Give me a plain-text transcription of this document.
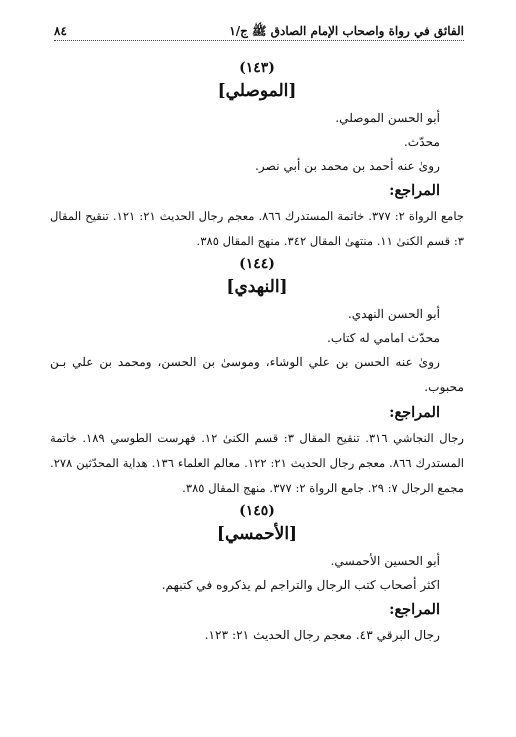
الفائق في رواة واصحاب الإمام الصادق ﷺ ج/١
٨٤
(١٤٣)
[الموصلي]
أبو الحسن الموصلي.
محدّث.
روىٰ عنه أحمد بن محمد بن أبي نصر.
المراجع:
جامع الرواة ٢: ٣٧٧. خاتمة المستدرك ٨٦٦. معجم رجال الحديث ٢١: ١٢١. تنقيح المقال ٣: قسم الكنىٰ ١١. منتهىٰ المقال ٣٤٢. منهج المقال ٣٨٥.
(١٤٤)
[النهدي]
أبو الحسن النهدي.
محدّث امامي له كتاب.
روىٰ عنه الحسن بن علي الوشاء، وموسىٰ بن الحسن، ومحمد بن علي بـن محبوب.
المراجع:
رجال النجاشي ٣١٦. تنقيح المقال ٣: قسم الكنىٰ ١٢. فهرست الطوسي ١٨٩. خاتمة المستدرك ٨٦٦. معجم رجال الحديث ٢١: ١٢٢. معالم العلماء ١٣٦. هداية المحدّثين ٢٧٨. مجمع الرجال ٧: ٢٩. جامع الرواة ٢: ٣٧٧. منهج المقال ٣٨٥.
(١٤٥)
[الأحمسي]
أبو الحسين الأحمسي.
اكثر أصحاب كتب الرجال والتراجم لم يذكروه في كتبهم.
المراجع:
رجال البرقي ٤٣. معجم رجال الحديث ٢١: ١٢٣.
